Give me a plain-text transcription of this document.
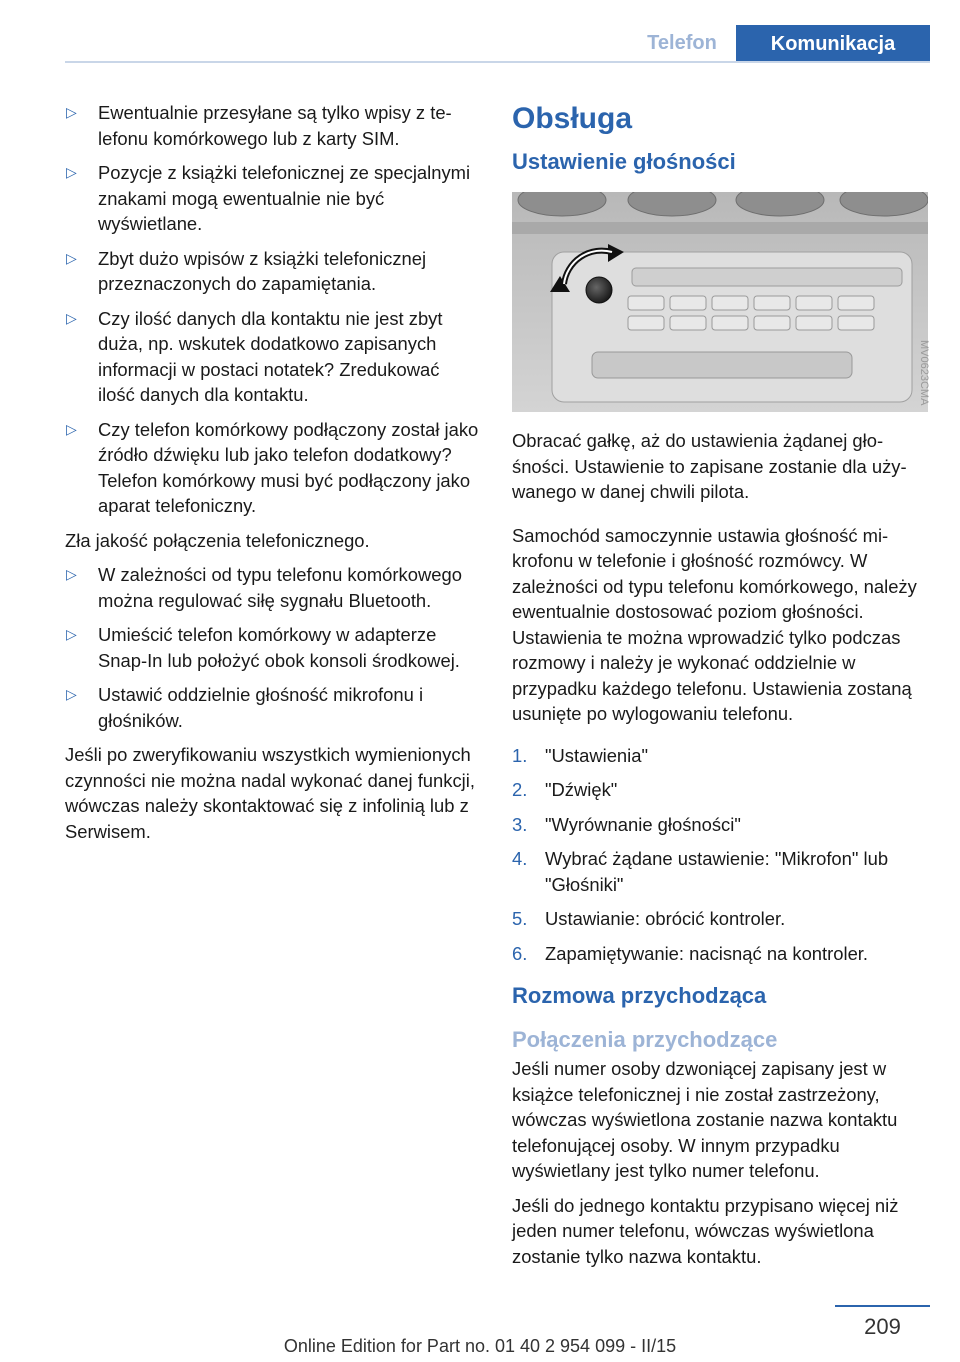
Telefon	Komunikacja
▷ Ewentualnie przesyłane są tylko wpisy z telefonu komórkowego lub z karty SIM.
▷ Pozycje z książki telefonicznej ze specjalnymi znakami mogą ewentualnie nie być wyświetlane.
▷ Zbyt dużo wpisów z książki telefonicznej przeznaczonych do zapamiętania.
▷ Czy ilość danych dla kontaktu nie jest zbyt duża, np. wskutek dodatkowo zapisanych informacji w postaci notatek? Zredukować ilość danych dla kontaktu.
▷ Czy telefon komórkowy podłączony został jako źródło dźwięku lub jako telefon dodatkowy? Telefon komórkowy musi być podłączony jako aparat telefoniczny.

Zła jakość połączenia telefonicznego.

▷ W zależności od typu telefonu komórkowego można regulować siłę sygnału Bluetooth.
▷ Umieścić telefon komórkowy w adapterze Snap-In lub położyć obok konsoli środkowej.
▷ Ustawić oddzielnie głośność mikrofonu i głośników.

Jeśli po zweryfikowaniu wszystkich wymienionych czynności nie można nadal wykonać danej funkcji, wówczas należy skontaktować się z infolinią lub z Serwisem.

Obsługa
Ustawienie głośności

Obracać gałkę, aż do ustawienia żądanej głośności. Ustawienie to zapisane zostanie dla używanego w danej chwili pilota.

Samochód samoczynnie ustawia głośność mikrofonu w telefonie i głośność rozmówcy. W zależności od typu telefonu komórkowego, należy ewentualnie dostosować poziom głośności. Ustawienia te można wprowadzić tylko podczas rozmowy i należy je wykonać oddzielnie w przypadku każdego telefonu. Ustawienia zostaną usunięte po wylogowaniu telefonu.

1. "Ustawienia"
2. "Dźwięk"
3. "Wyrównanie głośności"
4. Wybrać żądane ustawienie: "Mikrofon" lub "Głośniki"
5. Ustawianie: obrócić kontroler.
6. Zapamiętywanie: nacisnąć na kontroler.
Rozmowa przychodząca
Połączenia przychodzące

Jeśli numer osoby dzwoniącej zapisany jest w książce telefonicznej i nie został zastrzeżony, wówczas wyświetlona zostanie nazwa kontaktu telefonującej osoby. W innym przypadku wyświetlany jest tylko numer telefonu.

Jeśli do jednego kontaktu przypisano więcej niż jeden numer telefonu, wówczas wyświetlona zostanie tylko nazwa kontaktu.

MV0623CMA
209
Online Edition for Part no. 01 40 2 954 099 - II/15
